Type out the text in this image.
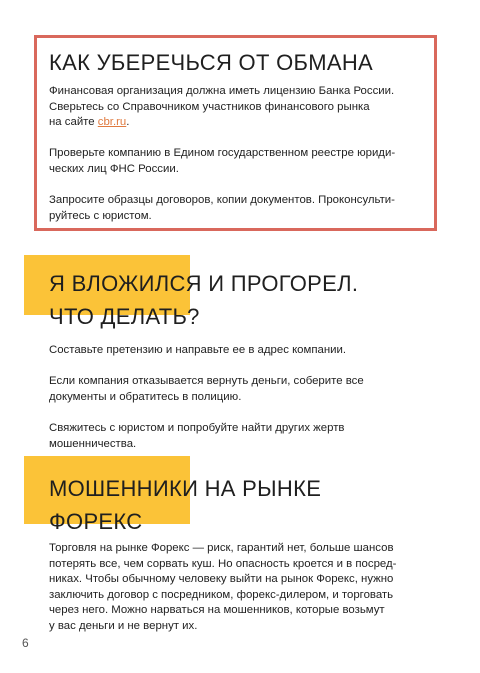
КАК УБЕРЕЧЬСЯ ОТ ОБМАНА

Финансовая организация должна иметь лицензию Банка России.
Сверьтесь со Справочником участников финансового рынка
на сайте cbr.ru.

Проверьте компанию в Едином государственном реестре юриди-
ческих лиц ФНС России.

Запросите образцы договоров, копии документов. Проконсульти-
руйтесь с юристом.

Я ВЛОЖИЛСЯ И ПРОГОРЕЛ.
ЧТО ДЕЛАТЬ?

Составьте претензию и направьте ее в адрес компании.

Если компания отказывается вернуть деньги, соберите все
документы и обратитесь в полицию.

Свяжитесь с юристом и попробуйте найти других жертв
мошенничества.

МОШЕННИКИ НА РЫНКЕ
ФОРЕКС

Торговля на рынке Форекс — риск, гарантий нет, больше шансов
потерять все, чем сорвать куш. Но опасность кроется и в посред-
никах. Чтобы обычному человеку выйти на рынок Форекс, нужно
заключить договор с посредником, форекс-дилером, и торговать
через него. Можно нарваться на мошенников, которые возьмут
у вас деньги и не вернут их.

6
